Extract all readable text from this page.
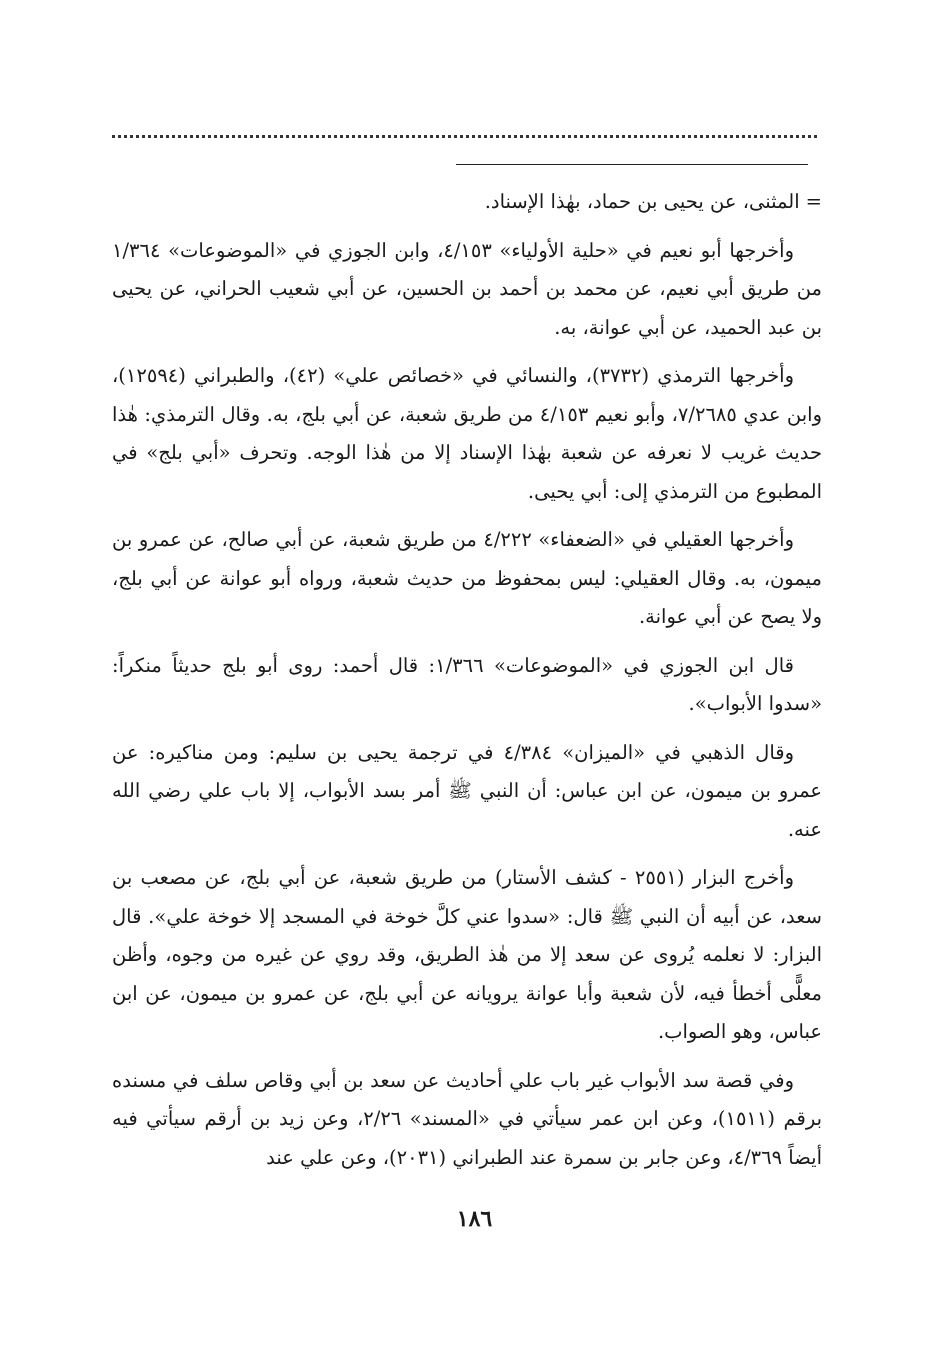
=المثنى، عن يحيى بن حماد، بهٰذا الإسناد.

وأخرجها أبو نعيم في «حلية الأولياء» ٤/١٥٣، وابن الجوزي في «الموضوعات» ١/٣٦٤ من طريق أبي نعيم، عن محمد بن أحمد بن الحسين، عن أبي شعيب الحراني، عن يحيى بن عبد الحميد، عن أبي عوانة، به.

وأخرجها الترمذي (٣٧٣٢)، والنسائي في «خصائص علي» (٤٢)، والطبراني (١٢٥٩٤)، وابن عدي ٧/٢٦٨٥، وأبو نعيم ٤/١٥٣ من طريق شعبة، عن أبي بلج، به. وقال الترمذي: هٰذا حديث غريب لا نعرفه عن شعبة بهٰذا الإسناد إلا من هٰذا الوجه. وتحرف «أبي بلج» في المطبوع من الترمذي إلى: أبي يحيى.

وأخرجها العقيلي في «الضعفاء» ٤/٢٢٢ من طريق شعبة، عن أبي صالح، عن عمرو بن ميمون، به. وقال العقيلي: ليس بمحفوظ من حديث شعبة، ورواه أبو عوانة عن أبي بلج، ولا يصح عن أبي عوانة.

قال ابن الجوزي في «الموضوعات» ١/٣٦٦: قال أحمد: روى أبو بلج حديثاً منكراً: «سدوا الأبواب».

وقال الذهبي في «الميزان» ٤/٣٨٤ في ترجمة يحيى بن سليم: ومن مناكيره: عن عمرو بن ميمون، عن ابن عباس: أن النبي ﷺ أمر بسد الأبواب، إلا باب علي رضي الله عنه.

وأخرج البزار (٢٥٥١ - كشف الأستار) من طريق شعبة، عن أبي بلج، عن مصعب بن سعد، عن أبيه أن النبي ﷺ قال: «سدوا عني كلَّ خوخة في المسجد إلا خوخة علي». قال البزار: لا نعلمه يُروى عن سعد إلا من هٰذ الطريق، وقد روي عن غيره من وجوه، وأظن معلًّى أخطأ فيه، لأن شعبة وأبا عوانة يرويانه عن أبي بلج، عن عمرو بن ميمون، عن ابن عباس، وهو الصواب.

وفي قصة سد الأبواب غير باب علي أحاديث عن سعد بن أبي وقاص سلف في مسنده برقم (١٥١١)، وعن ابن عمر سيأتي في «المسند» ٢/٢٦، وعن زيد بن أرقم سيأتي فيه أيضاً ٤/٣٦٩، وعن جابر بن سمرة عند الطبراني (٢٠٣١)، وعن علي عند

١٨٦
